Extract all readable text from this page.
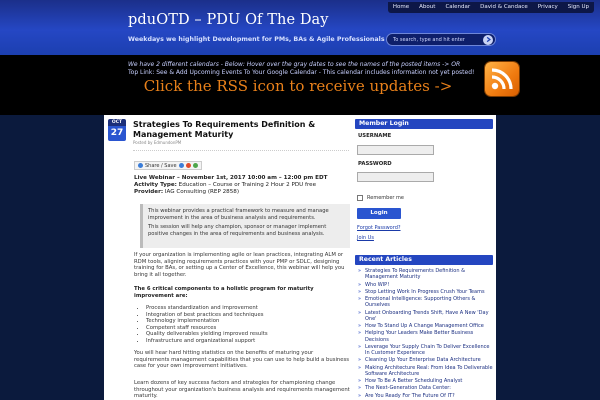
Home	About	Calendar	David & Candace	Privacy	Sign Up
pduOTD – PDU Of The Day
Weekdays we highlight Development for PMs, BAs & Agile Professionals
To search, type and hit enter
We have 2 different calendars - Below: Hover over the gray dates to see the names of the posted items -> OR
Top Link: See & Add Upcoming Events To Your Google Calendar - This calendar includes information not yet posted!
Click the RSS icon to receive updates ->
OCT
27
Strategies To Requirements Definition & Management Maturity
Posted by EdmundonPM
Share / Save
Live Webinar – November 1st, 2017 10:00 am – 12:00 pm EDT
Activity Type: Education – Course or Training 2 Hour 2 PDU free
Provider: IAG Consulting (REP 2858)

This webinar provides a practical framework to measure and manage improvement in the area of business analysis and requirements.

This session will help any champion, sponsor or manager implement positive changes in the area of requirements and business analysis.

If your organization is implementing agile or lean practices, integrating ALM or RDM tools, aligning requirements practices with your PMP or SDLC, designing training for BAs, or setting up a Center of Excellence, this webinar will help you bring it all together.
The 6 critical components to a holistic program for maturity improvement are:
• Process standardization and improvement
• Integration of best practices and techniques
• Technology implementation
• Competent staff resources
• Quality deliverables yielding improved results
• Infrastructure and organizational support
You will hear hard hitting statistics on the benefits of maturing your requirements management capabilities that you can use to help build a business case for your own improvement initiatives.
Learn dozens of key success factors and strategies for championing change throughout your organization's business analysis and requirements management maturity.
Member Login
USERNAME
PASSWORD
Remember me
Login
Forgot Password?
Join Us
Recent Articles
» Strategies To Requirements Definition & Management Maturity
» Who WIP!
» Stop Letting Work In Progress Crush Your Teams
» Emotional Intelligence: Supporting Others & Ourselves
» Latest Onboarding Trends Shift, Have A New 'Day One'
» How To Stand Up A Change Management Office
» Helping Your Leaders Make Better Business Decisions
» Leverage Your Supply Chain To Deliver Excellence In Customer Experience
» Cleaning Up Your Enterprise Data Architecture
» Making Architecture Real: From Idea To Deliverable Software Architecture
» How To Be A Better Scheduling Analyst
» The Next-Generation Data Center:
» Are You Ready For The Future Of IT?
